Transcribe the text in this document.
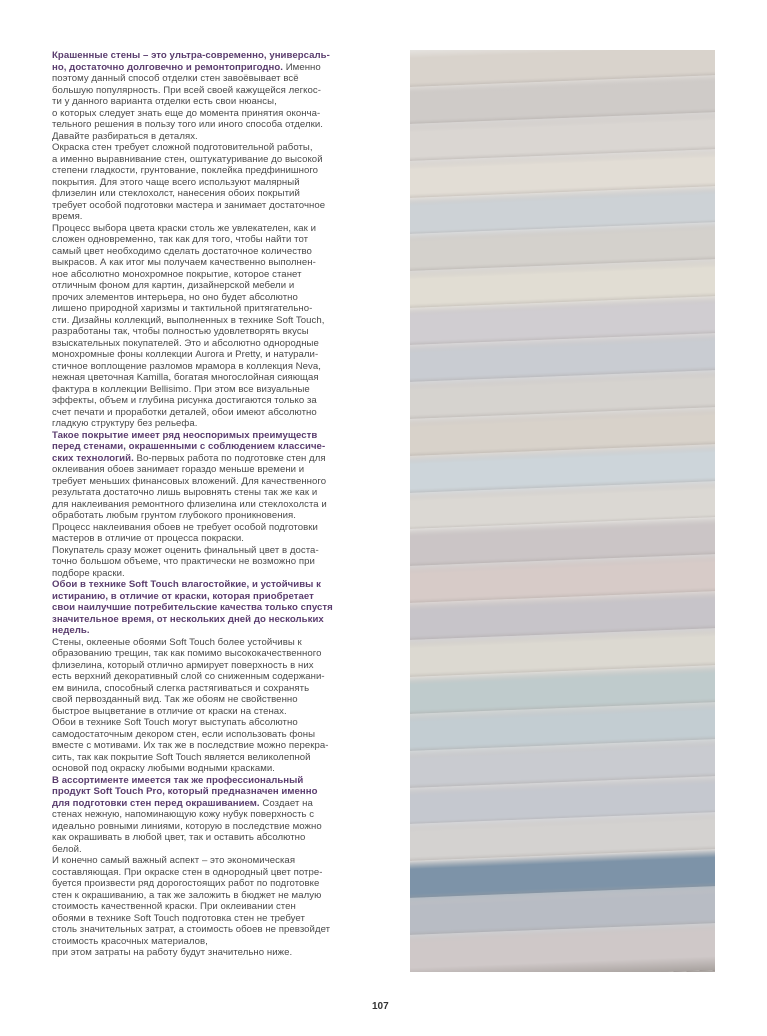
Крашенные стены – это ультра-современно, универсаль-
но, достаточно долговечно и ремонтопригодно. Именно
поэтому данный способ отделки стен завоёвывает всё
большую популярность. При всей своей кажущейся легкос-
ти у данного варианта отделки есть свои нюансы,
о которых следует знать еще до момента принятия оконча-
тельного решения в пользу того или иного способа отделки.
Давайте разбираться в деталях.

Окраска стен требует сложной подготовительной работы,
а именно выравнивание стен, оштукатуривание до высокой
степени гладкости, грунтование, поклейка предфинишного
покрытия. Для этого чаще всего используют малярный
флизелин или стеклохолст, нанесения обоих покрытий
требует особой подготовки мастера и занимает достаточное
время.

Процесс выбора цвета краски столь же увлекателен, как и
сложен одновременно, так как для того, чтобы найти тот
самый цвет необходимо сделать достаточное количество
выкрасов. А как итог мы получаем качественно выполнен-
ное абсолютно монохромное покрытие, которое станет
отличным фоном для картин, дизайнерской мебели и
прочих элементов интерьера, но оно будет абсолютно
лишено природной харизмы и тактильной притягательно-
сти. Дизайны коллекций, выполненных в технике Soft Touch,
разработаны так, чтобы полностью удовлетворять вкусы
взыскательных покупателей. Это и абсолютно однородные
монохромные фоны коллекции Aurora и Pretty, и натурали-
стичное воплощение разломов мрамора в коллекция Neva,
нежная цветочная Kamilla, богатая многослойная сияющая
фактура в коллекции Bellisimo. При этом все визуальные
эффекты, объем и глубина рисунка достигаются только за
счет печати и проработки деталей, обои имеют абсолютно
гладкую структуру без рельефа.

Такое покрытие имеет ряд неоспоримых преимуществ
перед стенами, окрашенными с соблюдением классиче-
ских технологий. Во-первых работа по подготовке стен для
оклеивания обоев занимает гораздо меньше времени и
требует меньших финансовых вложений. Для качественного
результата достаточно лишь выровнять стены так же как и
для наклеивания ремонтного флизелина или стеклохолста и
обработать любым грунтом глубокого проникновения.
Процесс наклеивания обоев не требует особой подготовки
мастеров в отличие от процесса покраски.

Покупатель сразу может оценить финальный цвет в доста-
точно большом объеме, что практически не возможно при
подборе краски.

Обои в технике Soft Touch влагостойкие, и устойчивы к
истиранию, в отличие от краски, которая приобретает
свои наилучшие потребительские качества только спустя
значительное время, от нескольких дней до нескольких
недель.

Стены, оклееные обоями Soft Touch более устойчивы к
образованию трещин, так как помимо высококачественного
флизелина, который отлично армирует поверхность в них
есть верхний декоративный слой со сниженным содержани-
ем винила, способный слегка растягиваться и сохранять
свой первозданный вид. Так же обоям не свойственно
быстрое выцветание в отличие от краски на стенах.

Обои в технике Soft Touch могут выступать абсолютно
самодостаточным декором стен, если использовать фоны
вместе с мотивами. Их так же в последствие можно перекра-
сить, так как покрытие Soft Touch является великолепной
основой под окраску любыми водными красками.

В ассортименте имеется так же профессиональный
продукт Soft Touch Pro, который предназначен именно
для подготовки стен перед окрашиванием. Создает на
стенах нежную, напоминающую кожу нубук поверхность с
идеально ровными линиями, которую в последствие можно
как окрашивать в любой цвет, так и оставить абсолютно
белой.

И конечно самый важный аспект – это экономическая
составляющая. При окраске стен в однородный цвет потре-
буется произвести ряд дорогостоящих работ по подготовке
стен к окрашиванию, а так же заложить в бюджет не малую
стоимость качественной краски. При оклеивании стен
обоями в технике Soft Touch подготовка стен не требует
столь значительных затрат, а стоимость обоев не превзойдет
стоимость красочных материалов,
при этом затраты на работу будут значительно ниже.

107
